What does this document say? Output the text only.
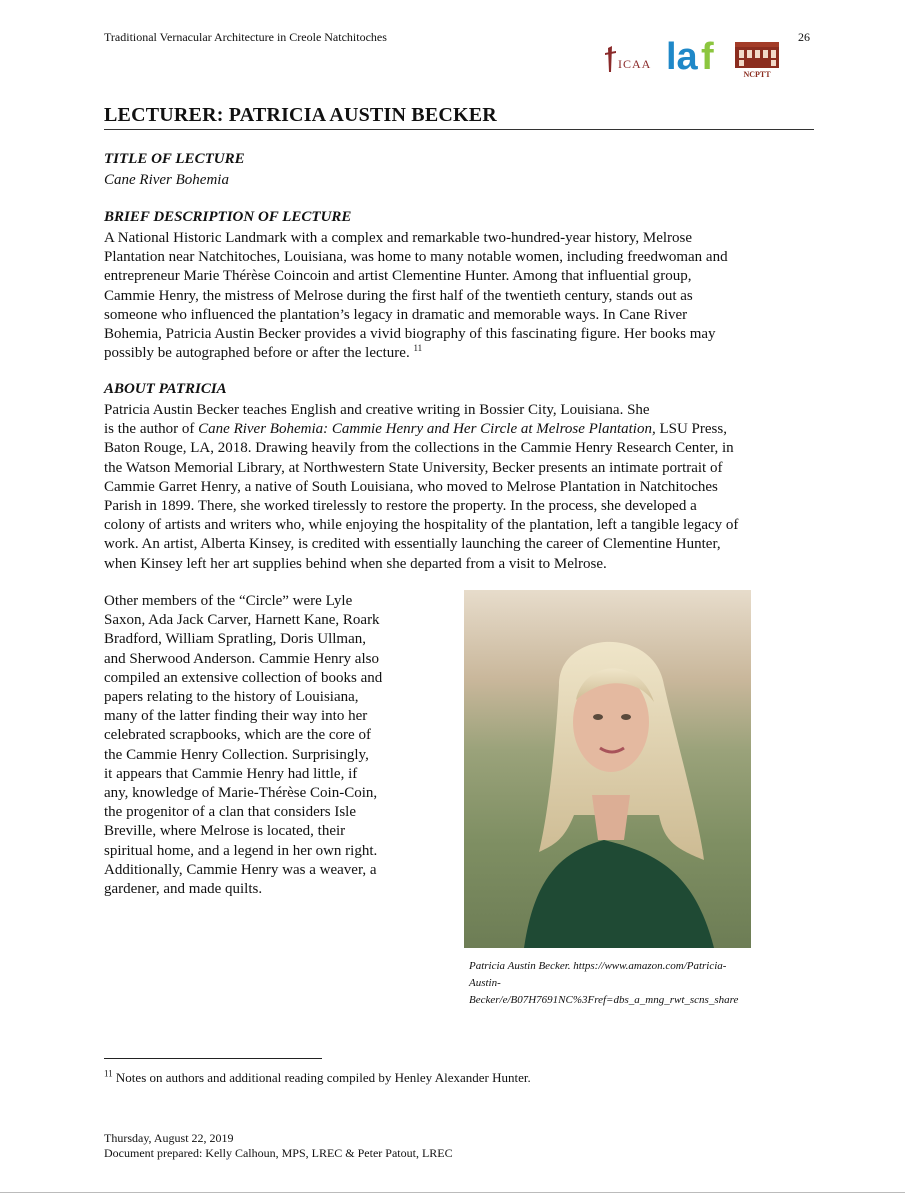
Traditional Vernacular Architecture in Creole Natchitoches	26
ICAA la f	NCPTT
LECTURER: PATRICIA AUSTIN BECKER
TITLE OF LECTURE
Cane River Bohemia
BRIEF DESCRIPTION OF LECTURE
A National Historic Landmark with a complex and remarkable two-hundred-year history, Melrose
Plantation near Natchitoches, Louisiana, was home to many notable women, including freedwoman and
entrepreneur Marie Thérèse Coincoin and artist Clementine Hunter. Among that influential group,
Cammie Henry, the mistress of Melrose during the first half of the twentieth century, stands out as
someone who influenced the plantation’s legacy in dramatic and memorable ways. In Cane River
Bohemia, Patricia Austin Becker provides a vivid biography of this fascinating figure. Her books may
possibly be autographed before or after the lecture. $^{11}$
ABOUT PATRICIA
Patricia Austin Becker teaches English and creative writing in Bossier City, Louisiana. She
is the author of Cane River Bohemia: Cammie Henry and Her Circle at Melrose Plantation, LSU Press,
Baton Rouge, LA, 2018. Drawing heavily from the collections in the Cammie Henry Research Center, in
the Watson Memorial Library, at Northwestern State University, Becker presents an intimate portrait of
Cammie Garret Henry, a native of South Louisiana, who moved to Melrose Plantation in Natchitoches
Parish in 1899. There, she worked tirelessly to restore the property. In the process, she developed a
colony of artists and writers who, while enjoying the hospitality of the plantation, left a tangible legacy of
work. An artist, Alberta Kinsey, is credited with essentially launching the career of Clementine Hunter,
when Kinsey left her art supplies behind when she departed from a visit to Melrose.
Other members of the “Circle” were Lyle
Saxon, Ada Jack Carver, Harnett Kane, Roark
Bradford, William Spratling, Doris Ullman,
and Sherwood Anderson. Cammie Henry also
compiled an extensive collection of books and
papers relating to the history of Louisiana,
many of the latter finding their way into her
celebrated scrapbooks, which are the core of
the Cammie Henry Collection. Surprisingly,
it appears that Cammie Henry had little, if
any, knowledge of Marie-Thérèse Coin-Coin,
the progenitor of a clan that considers Isle
Breville, where Melrose is located, their
spiritual home, and a legend in her own right.
Additionally, Cammie Henry was a weaver, a
gardener, and made quilts.
Patricia Austin Becker. https://www.amazon.com/Patricia-
Austin-
Becker/e/B07H7691NC%3Fref=dbs_a_mng_rwt_scns_share
$^{11}$ Notes on authors and additional reading compiled by Henley Alexander Hunter.
Thursday, August 22, 2019
Document prepared: Kelly Calhoun, MPS, LREC & Peter Patout, LREC
